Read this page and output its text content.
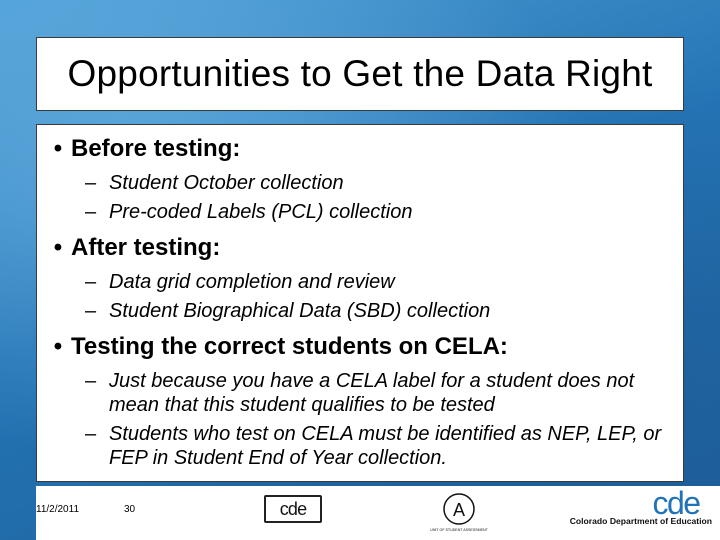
Opportunities to Get the Data Right
• Before testing:
– Student October collection
– Pre-coded Labels (PCL) collection
• After testing:
– Data grid completion and review
– Student Biographical Data (SBD) collection
• Testing the correct students on CELA:
– Just because you have a CELA label for a student does not mean that this student qualifies to be tested
– Students who test on CELA must be identified as NEP, LEP, or FEP in Student End of Year collection.
11/2/2011	30	cde	A
UNIT OF STUDENT ASSESSMENT
cde
Colorado Department of Education
